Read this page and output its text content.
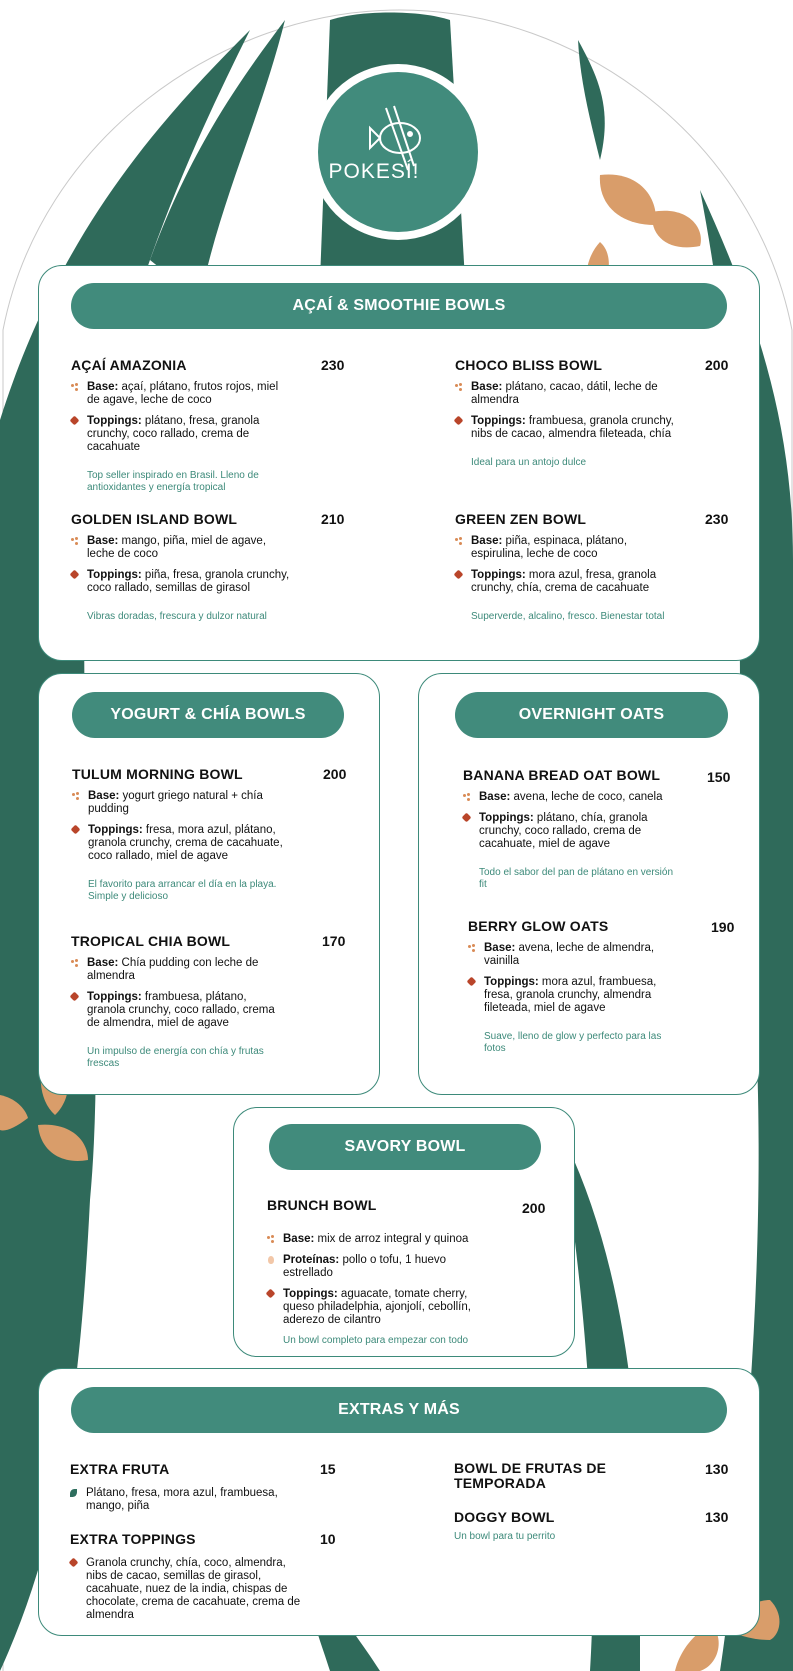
POKESÍ!
AÇAÍ & SMOOTHIE BOWLS
AÇAÍ AMAZONIA
Base: açaí, plátano, frutos rojos, miel de agave, leche de coco
Toppings: plátano, fresa, granola crunchy, coco rallado, crema de cacahuate
Top seller inspirado en Brasil. Lleno de antioxidantes y energía tropical
230	CHOCO BLISS BOWL
Base: plátano, cacao, dátil, leche de almendra
Toppings: frambuesa, granola crunchy, nibs de cacao, almendra fileteada, chía
Ideal para un antojo dulce
200
GOLDEN ISLAND BOWL
Base: mango, piña, miel de agave, leche de coco
Toppings: piña, fresa, granola crunchy, coco rallado, semillas de girasol
Vibras doradas, frescura y dulzor natural
210	GREEN ZEN BOWL
Base: piña, espinaca, plátano, espirulina, leche de coco
Toppings: mora azul, fresa, granola crunchy, chía, crema de cacahuate
Superverde, alcalino, fresco. Bienestar total
230
YOGURT & CHÍA BOWLS
TULUM MORNING BOWL
Base: yogurt griego natural + chía pudding
Toppings: fresa, mora azul, plátano, granola crunchy, crema de cacahuate, coco rallado, miel de agave
El favorito para arrancar el día en la playa. Simple y delicioso
200
TROPICAL CHIA BOWL
Base: Chía pudding con leche de almendra
Toppings: frambuesa, plátano, granola crunchy, coco rallado, crema de almendra, miel de agave
Un impulso de energía con chía y frutas frescas
170
OVERNIGHT OATS
BANANA BREAD OAT BOWL
Base: avena, leche de coco, canela
Toppings: plátano, chía, granola crunchy, coco rallado, crema de cacahuate, miel de agave
Todo el sabor del pan de plátano en versión fit
150
BERRY GLOW OATS
Base: avena, leche de almendra, vainilla
Toppings: mora azul, frambuesa, fresa, granola crunchy, almendra fileteada, miel de agave
Suave, lleno de glow y perfecto para las fotos
190
SAVORY BOWL
BRUNCH BOWL
Base: mix de arroz integral y quinoa
Proteínas: pollo o tofu, 1 huevo estrellado
Toppings: aguacate, tomate cherry, queso philadelphia, ajonjolí, cebollín, aderezo de cilantro
Un bowl completo para empezar con todo
200
EXTRAS Y MÁS
EXTRA FRUTA
Plátano, fresa, mora azul, frambuesa, mango, piña
15
EXTRA TOPPINGS
Granola crunchy, chía, coco, almendra, nibs de cacao, semillas de girasol, cacahuate, nuez de la india, chispas de chocolate, crema de cacahuate, crema de almendra
10
BOWL DE FRUTAS DE TEMPORADA
130
DOGGY BOWL
Un bowl para tu perrito
130
